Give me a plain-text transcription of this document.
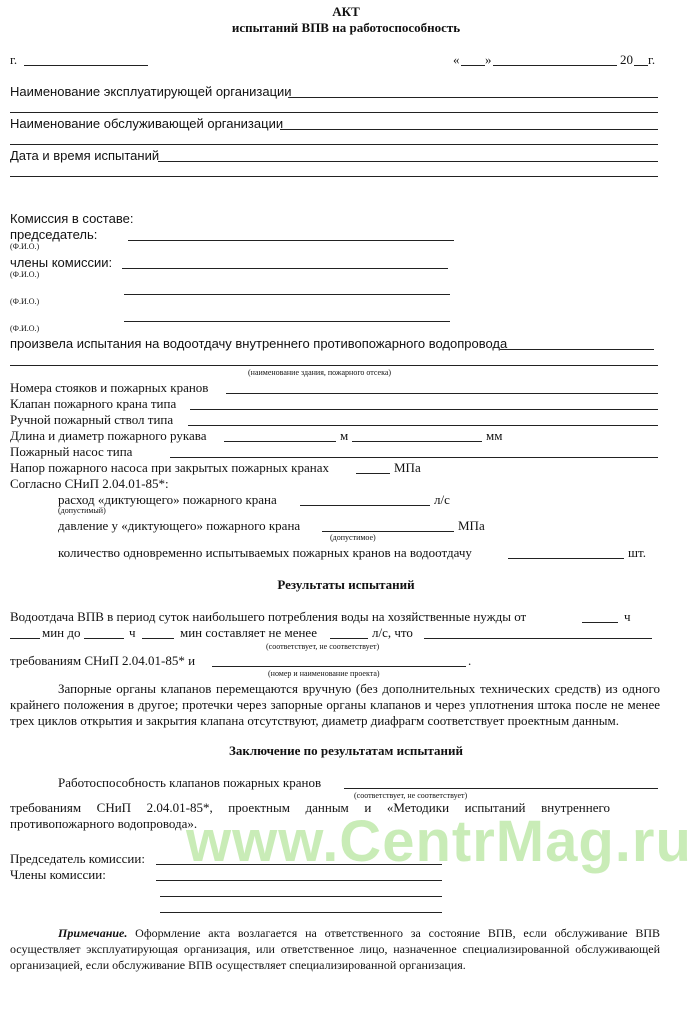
АКТ
испытаний ВПВ на работоспособность
г.	« »	20 г.
Наименование эксплуатирующей организации
Наименование обслуживающей организации
Дата и время испытаний
Комиссия в составе:
председатель:
(Ф.И.О.)
члены комиссии:
(Ф.И.О.)
(Ф.И.О.)
(Ф.И.О.)
произвела испытания на водоотдачу внутреннего противопожарного водопровода
(наименование здания, пожарного отсека)
Номера стояков и пожарных кранов
Клапан пожарного крана типа
Ручной пожарный ствол типа
Длина и диаметр пожарного рукава	м	мм
Пожарный насос типа
Напор пожарного насоса при закрытых пожарных кранах	МПа
Согласно СНиП 2.04.01-85*:
расход «диктующего» пожарного крана	л/с
(допустимый)
давление у «диктующего» пожарного крана	МПа
(допустимое)
количество одновременно испытываемых пожарных кранов на водоотдачу	шт.
Результаты испытаний
Водоотдача ВПВ в период суток наибольшего потребления воды на хозяйственные нужды от	ч
мин до	ч	мин составляет не менее	л/с, что
(соответствует, не соответствует)
требованиям СНиП 2.04.01-85* и	.
(номер и наименование проекта)
Запорные органы клапанов перемещаются вручную (без дополнительных технических средств) из одного крайнего положения в другое; протечки через запорные органы клапанов и через уплотнения штока после не менее трех циклов открытия и закрытия клапана отсутствуют, диаметр диафрагм соответствует проектным данным.
Заключение по результатам испытаний
Работоспособность клапанов пожарных кранов
(соответствует, не соответствует)
требованиям СНиП 2.04.01-85*, проектным данным и «Методики испытаний внутреннего противопожарного водопровода».
www.CentrMag.ru
Председатель комиссии:
Члены комиссии:
Примечание. Оформление акта возлагается на ответственного за состояние ВПВ, если обслуживание ВПВ осуществляет эксплуатирующая организация, или ответственное лицо, назначенное специализированной обслуживающей организацией, если обслуживание ВПВ осуществляет специализированной организация.
